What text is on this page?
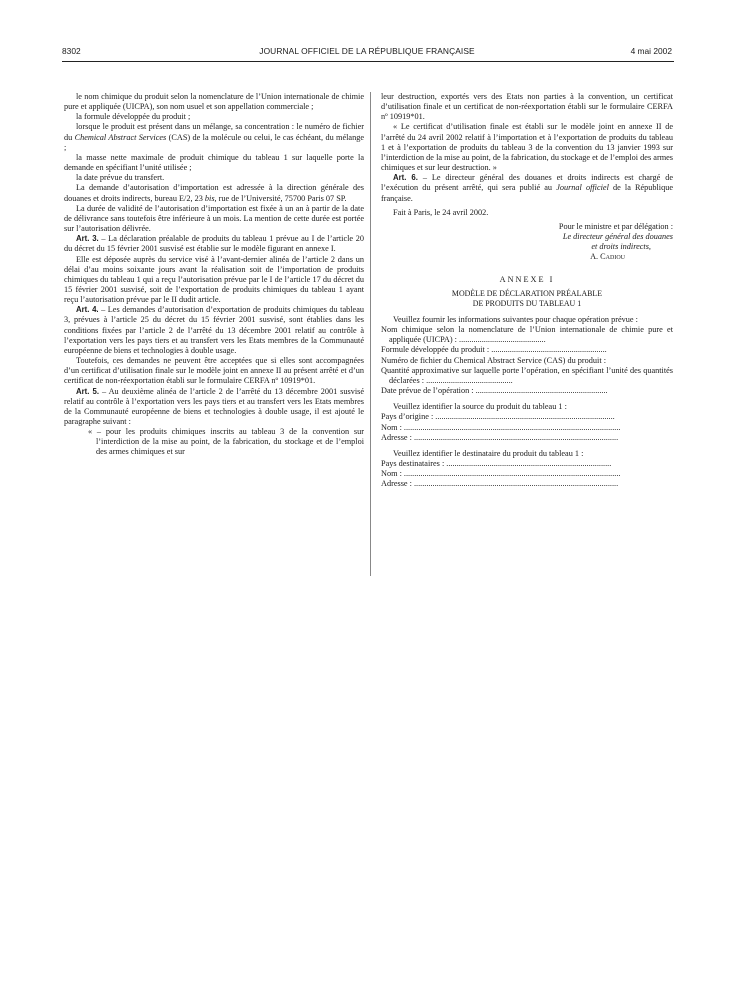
8302	JOURNAL OFFICIEL DE LA RÉPUBLIQUE FRANÇAISE	4 mai 2002

le nom chimique du produit selon la nomenclature de l’Union internationale de chimie pure et appliquée (UICPA), son nom usuel et son appellation commerciale ;

la formule développée du produit ;

lorsque le produit est présent dans un mélange, sa concentration : le numéro de fichier du Chemical Abstract Services (CAS) de la molécule ou celui, le cas échéant, du mélange ;

la masse nette maximale de produit chimique du tableau 1 sur laquelle porte la demande en spécifiant l’unité utilisée ;

la date prévue du transfert.

La demande d’autorisation d’importation est adressée à la direction générale des douanes et droits indirects, bureau E/2, 23 bis, rue de l’Université, 75700 Paris 07 SP.

La durée de validité de l’autorisation d’importation est fixée à un an à partir de la date de délivrance sans toutefois être inférieure à un mois. La mention de cette durée est portée sur l’autorisation délivrée.

Art. 3. – La déclaration préalable de produits du tableau 1 prévue au I de l’article 20 du décret du 15 février 2001 susvisé est établie sur le modèle figurant en annexe I.

Elle est déposée auprès du service visé à l’avant-dernier alinéa de l’article 2 dans un délai d’au moins soixante jours avant la réalisation soit de l’importation de produits chimiques du tableau 1 qui a reçu l’autorisation prévue par le I de l’article 17 du décret du 15 février 2001 susvisé, soit de l’exportation de produits chimiques du tableau 1 ayant reçu l’autorisation prévue par le II dudit article.

Art. 4. – Les demandes d’autorisation d’exportation de produits chimiques du tableau 3, prévues à l’article 25 du décret du 15 février 2001 susvisé, sont établies dans les conditions fixées par l’article 2 de l’arrêté du 13 décembre 2001 relatif au contrôle à l’exportation vers les pays tiers et au transfert vers les Etats membres de la Communauté européenne de biens et technologies à double usage.

Toutefois, ces demandes ne peuvent être acceptées que si elles sont accompagnées d’un certificat d’utilisation finale sur le modèle joint en annexe II au présent arrêté et d’un certificat de non-réexportation établi sur le formulaire CERFA nº 10919*01.

Art. 5. – Au deuxième alinéa de l’article 2 de l’arrêté du 13 décembre 2001 susvisé relatif au contrôle à l’exportation vers les pays tiers et au transfert vers les Etats membres de la Communauté européenne de biens et technologies à double usage, il est ajouté le paragraphe suivant :

« – pour les produits chimiques inscrits au tableau 3 de la convention sur l’interdiction de la mise au point, de la fabrication, du stockage et de l’emploi des armes chimiques et sur

leur destruction, exportés vers des Etats non parties à la convention, un certificat d’utilisation finale et un certificat de non-réexportation établi sur le formulaire CERFA nº 10919*01.

« Le certificat d’utilisation finale est établi sur le modèle joint en annexe II de l’arrêté du 24 avril 2002 relatif à l’importation et à l’exportation de produits du tableau 1 et à l’exportation de produits du tableau 3 de la convention du 13 janvier 1993 sur l’interdiction de la mise au point, de la fabrication, du stockage et de l’emploi des armes chimiques et sur leur destruction. »

Art. 6. – Le directeur général des douanes et droits indirects est chargé de l’exécution du présent arrêté, qui sera publié au Journal officiel de la République française.

Fait à Paris, le 24 avril 2002.

Pour le ministre et par délégation :

Le directeur général des douanes

et droits indirects,

A. Cadiou

ANNEXE I

MODÈLE DE DÉCLARATION PRÉALABLE

DE PRODUITS DU TABLEAU 1

Veuillez fournir les informations suivantes pour chaque opération prévue :

Nom chimique selon la nomenclature de l’Union internationale de chimie pure et appliquée (UICPA) : ..........................................

Formule développée du produit : ........................................................

Numéro de fichier du Chemical Abstract Service (CAS) du produit :

Quantité approximative sur laquelle porte l’opération, en spécifiant l’unité des quantités déclarées : ..........................................

Date prévue de l’opération : ................................................................

Veuillez identifier la source du produit du tableau 1 :

Pays d’origine : .......................................................................................

Nom : .........................................................................................................

Adresse : ...................................................................................................

Veuillez identifier le destinataire du produit du tableau 1 :

Pays destinataires : ................................................................................

Nom : .........................................................................................................

Adresse : ...................................................................................................
